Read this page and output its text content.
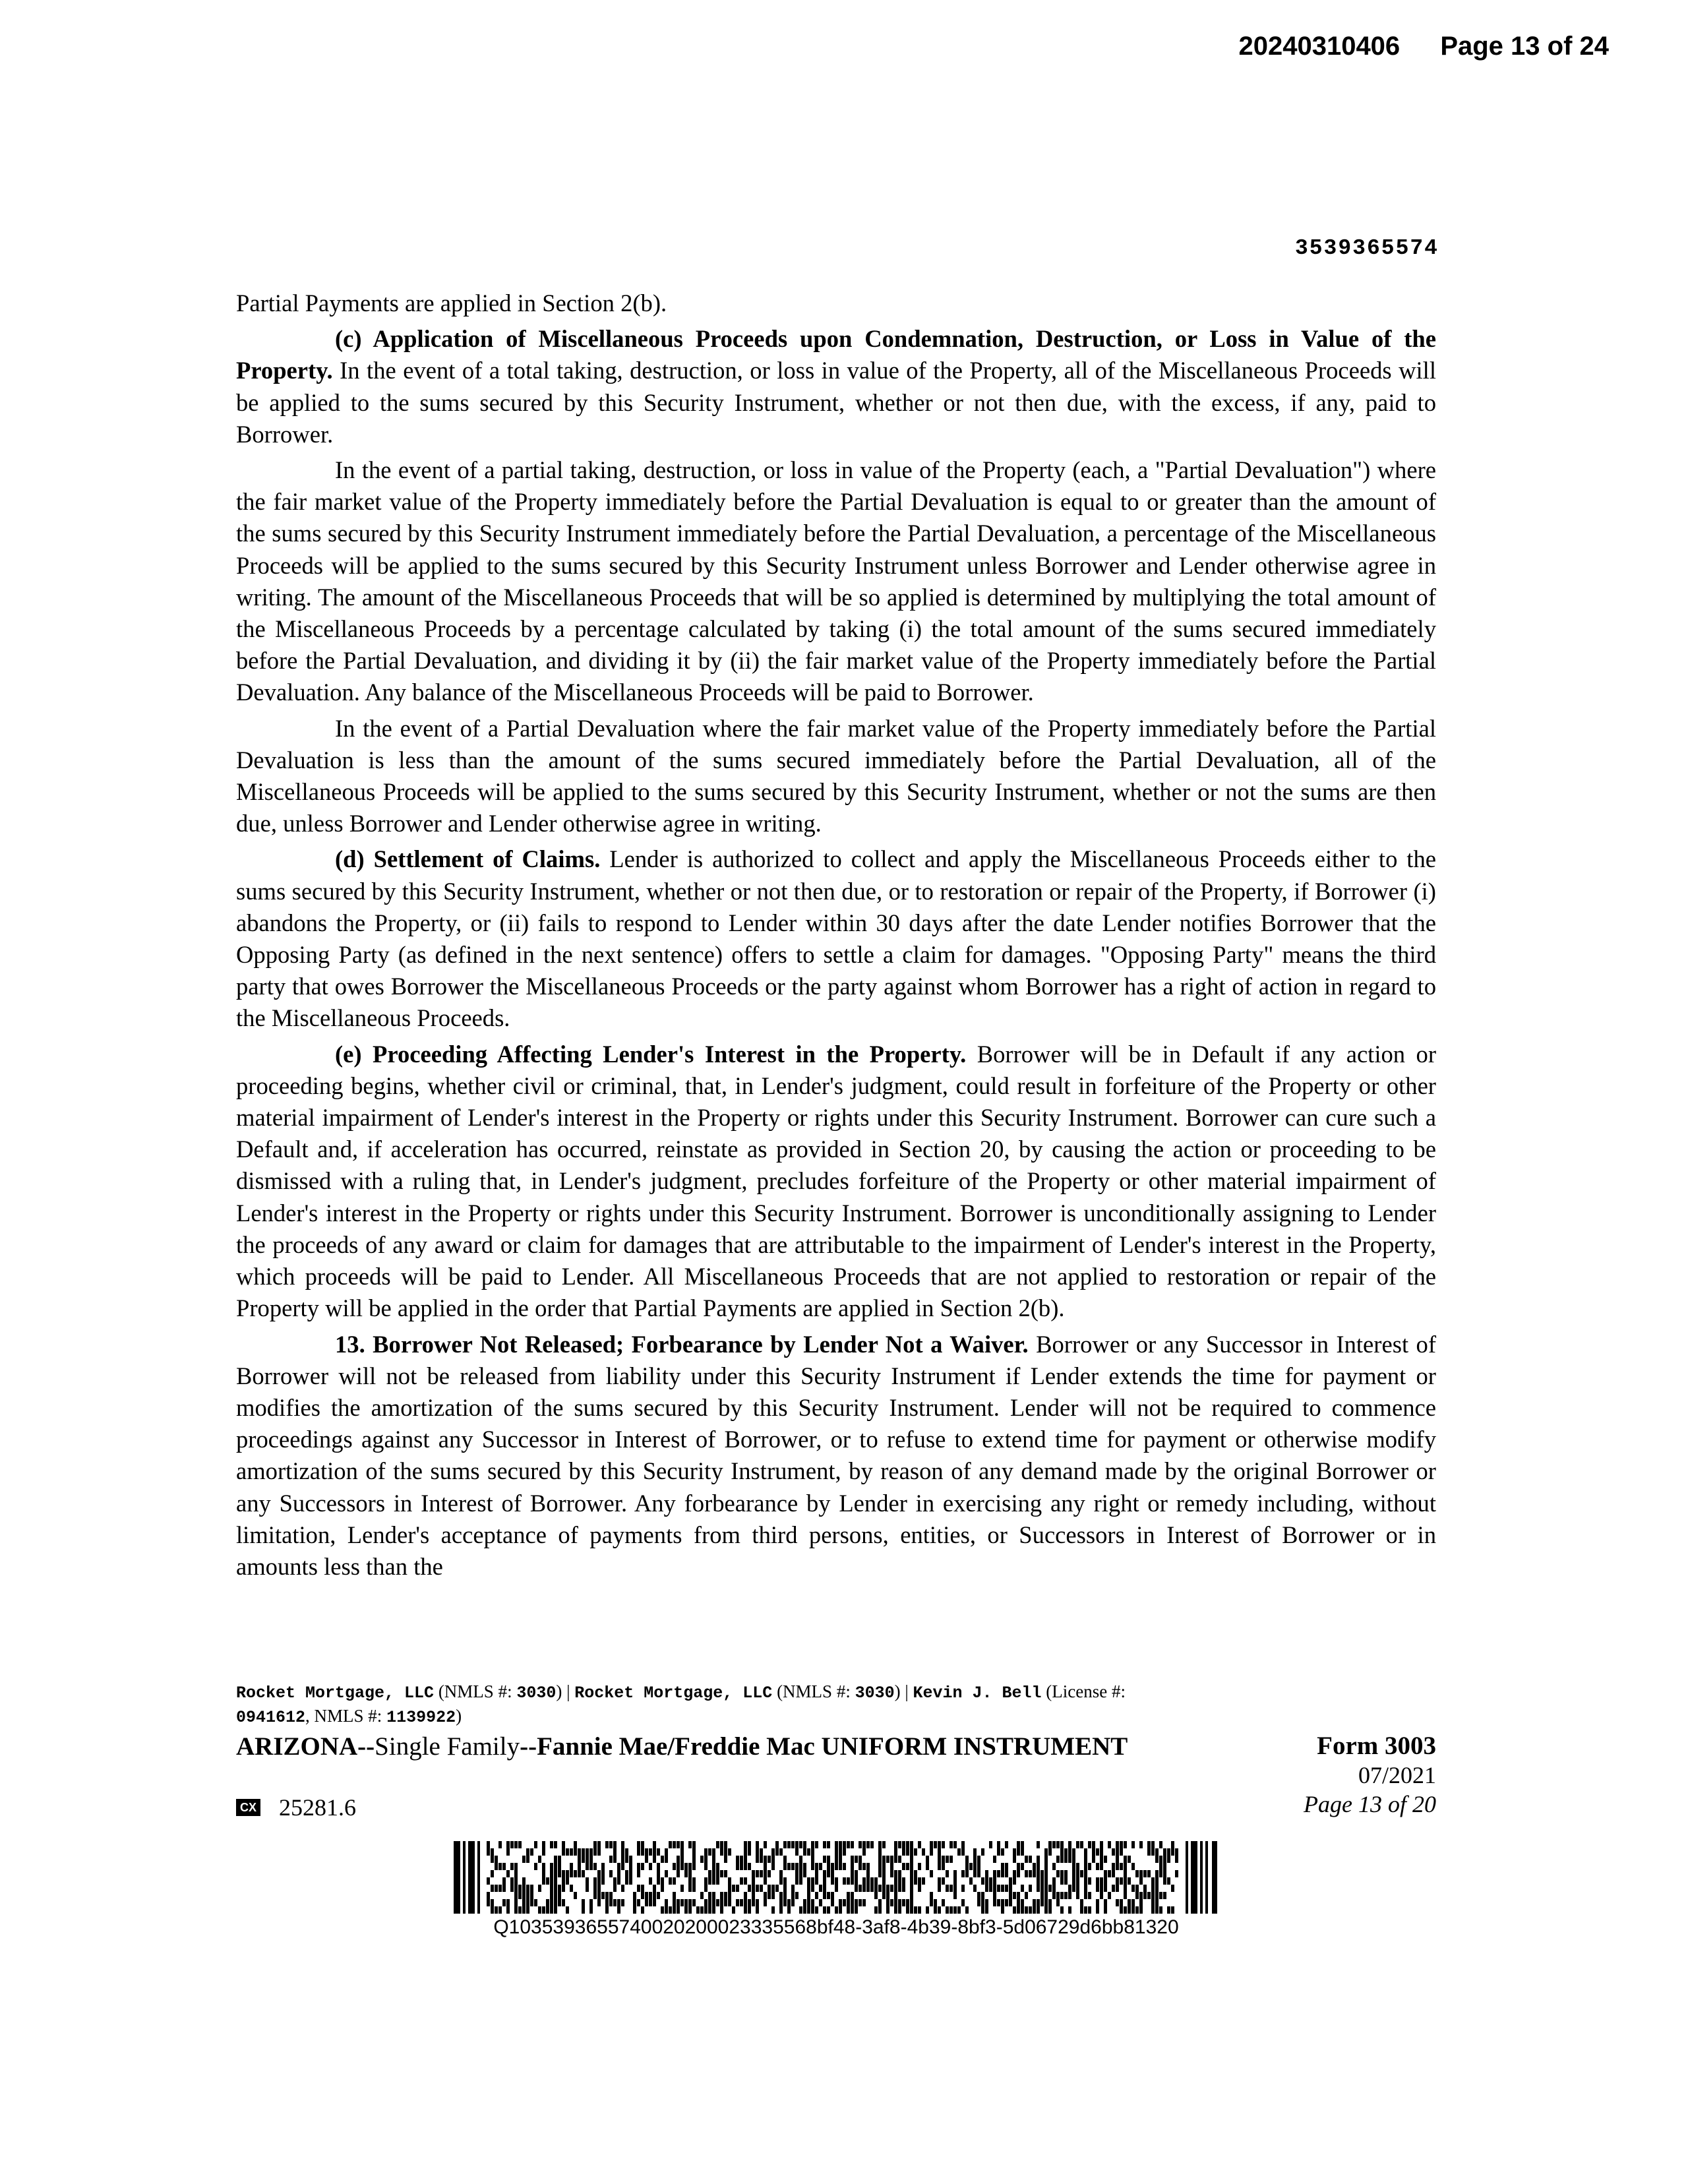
20240310406 Page 13 of 24
3539365574

Partial Payments are applied in Section 2(b).

(c) Application of Miscellaneous Proceeds upon Condemnation, Destruction, or Loss in Value of the Property. In the event of a total taking, destruction, or loss in value of the Property, all of the Miscellaneous Proceeds will be applied to the sums secured by this Security Instrument, whether or not then due, with the excess, if any, paid to Borrower.

In the event of a partial taking, destruction, or loss in value of the Property (each, a "Partial Devaluation") where the fair market value of the Property immediately before the Partial Devaluation is equal to or greater than the amount of the sums secured by this Security Instrument immediately before the Partial Devaluation, a percentage of the Miscellaneous Proceeds will be applied to the sums secured by this Security Instrument unless Borrower and Lender otherwise agree in writing. The amount of the Miscellaneous Proceeds that will be so applied is determined by multiplying the total amount of the Miscellaneous Proceeds by a percentage calculated by taking (i) the total amount of the sums secured immediately before the Partial Devaluation, and dividing it by (ii) the fair market value of the Property immediately before the Partial Devaluation. Any balance of the Miscellaneous Proceeds will be paid to Borrower.

In the event of a Partial Devaluation where the fair market value of the Property immediately before the Partial Devaluation is less than the amount of the sums secured immediately before the Partial Devaluation, all of the Miscellaneous Proceeds will be applied to the sums secured by this Security Instrument, whether or not the sums are then due, unless Borrower and Lender otherwise agree in writing.

(d) Settlement of Claims. Lender is authorized to collect and apply the Miscellaneous Proceeds either to the sums secured by this Security Instrument, whether or not then due, or to restoration or repair of the Property, if Borrower (i) abandons the Property, or (ii) fails to respond to Lender within 30 days after the date Lender notifies Borrower that the Opposing Party (as defined in the next sentence) offers to settle a claim for damages. "Opposing Party" means the third party that owes Borrower the Miscellaneous Proceeds or the party against whom Borrower has a right of action in regard to the Miscellaneous Proceeds.

(e) Proceeding Affecting Lender's Interest in the Property. Borrower will be in Default if any action or proceeding begins, whether civil or criminal, that, in Lender's judgment, could result in forfeiture of the Property or other material impairment of Lender's interest in the Property or rights under this Security Instrument. Borrower can cure such a Default and, if acceleration has occurred, reinstate as provided in Section 20, by causing the action or proceeding to be dismissed with a ruling that, in Lender's judgment, precludes forfeiture of the Property or other material impairment of Lender's interest in the Property or rights under this Security Instrument. Borrower is unconditionally assigning to Lender the proceeds of any award or claim for damages that are attributable to the impairment of Lender's interest in the Property, which proceeds will be paid to Lender. All Miscellaneous Proceeds that are not applied to restoration or repair of the Property will be applied in the order that Partial Payments are applied in Section 2(b).

13. Borrower Not Released; Forbearance by Lender Not a Waiver. Borrower or any Successor in Interest of Borrower will not be released from liability under this Security Instrument if Lender extends the time for payment or modifies the amortization of the sums secured by this Security Instrument. Lender will not be required to commence proceedings against any Successor in Interest of Borrower, or to refuse to extend time for payment or otherwise modify amortization of the sums secured by this Security Instrument, by reason of any demand made by the original Borrower or any Successors in Interest of Borrower. Any forbearance by Lender in exercising any right or remedy including, without limitation, Lender's acceptance of payments from third persons, entities, or Successors in Interest of Borrower or in amounts less than the

Rocket Mortgage, LLC (NMLS #: 3030) | Rocket Mortgage, LLC (NMLS #: 3030) | Kevin J. Bell (License #:
0941612, NMLS #: 1139922)
ARIZONA--Single Family--Fannie Mae/Freddie Mac UNIFORM INSTRUMENT	Form 3003
07/2021
Page 13 of 20
CX 25281.6
Q1035393655740020200023335568bf48-3af8-4b39-8bf3-5d06729d6bb81320
